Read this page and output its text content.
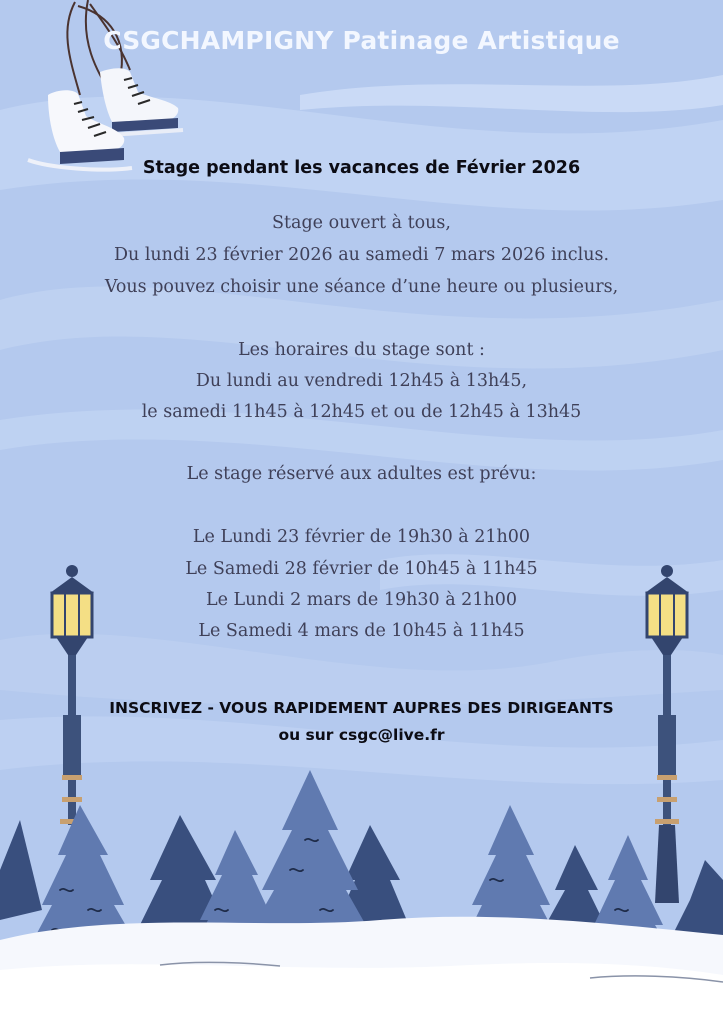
CSGCHAMPIGNY Patinage Artistique
Stage pendant les vacances de Février 2026
Stage ouvert à tous,
Du lundi 23 février 2026 au samedi 7 mars 2026 inclus.
Vous pouvez choisir une séance d’une heure ou plusieurs,
Les horaires du stage sont :
Du lundi au vendredi 12h45 à 13h45,
le samedi 11h45 à 12h45 et ou de 12h45 à 13h45
Le stage réservé aux adultes est prévu:
Le Lundi 23 février de 19h30 à 21h00
Le Samedi 28 février de 10h45 à 11h45
Le Lundi 2 mars de 19h30 à 21h00
Le Samedi 4 mars de 10h45 à 11h45
INSCRIVEZ - VOUS RAPIDEMENT AUPRES DES DIRIGEANTS
ou sur csgc@live.fr
